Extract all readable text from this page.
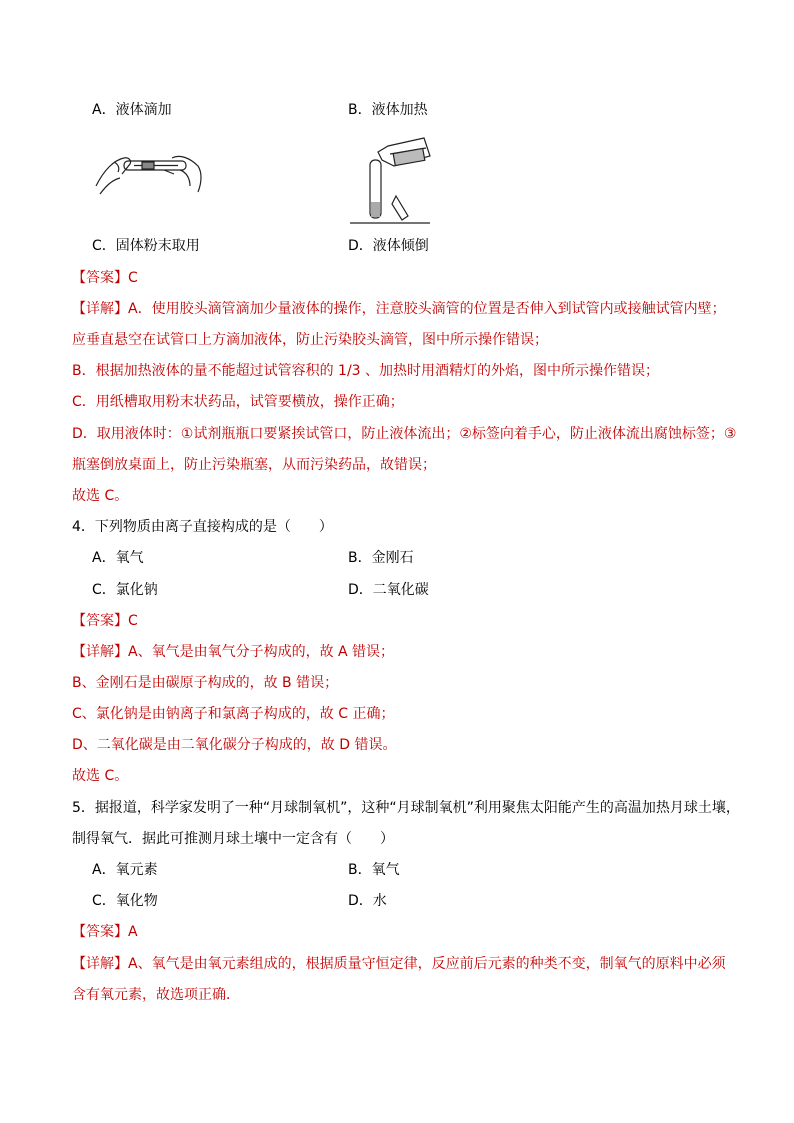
A．液体滴加	B．液体加热
C．固体粉末取用	D．液体倾倒
【答案】C
【详解】A．使用胶头滴管滴加少量液体的操作，注意胶头滴管的位置是否伸入到试管内或接触试管内壁；
应垂直悬空在试管口上方滴加液体，防止污染胶头滴管，图中所示操作错误；
B．根据加热液体的量不能超过试管容积的 1/3 、加热时用酒精灯的外焰，图中所示操作错误；
C．用纸槽取用粉末状药品，试管要横放，操作正确；
D．取用液体时：①试剂瓶瓶口要紧挨试管口，防止液体流出；②标签向着手心，防止液体流出腐蚀标签；③
瓶塞倒放桌面上，防止污染瓶塞，从而污染药品，故错误；
故选 C。
4．下列物质由离子直接构成的是（　　）
A．氧气	B．金刚石
C．氯化钠	D．二氧化碳
【答案】C
【详解】A、氧气是由氧气分子构成的，故 A 错误；
B、金刚石是由碳原子构成的，故 B 错误；
C、氯化钠是由钠离子和氯离子构成的，故 C 正确；
D、二氧化碳是由二氧化碳分子构成的，故 D 错误。
故选 C。
5．据报道，科学家发明了一种“月球制氧机”，这种“月球制氧机”利用聚焦太阳能产生的高温加热月球土壤，
制得氧气．据此可推测月球土壤中一定含有（　　）
A．氧元素	B．氧气
C．氧化物	D．水
【答案】A
【详解】A、氧气是由氧元素组成的，根据质量守恒定律，反应前后元素的种类不变，制氧气的原料中必须
含有氧元素，故选项正确．
